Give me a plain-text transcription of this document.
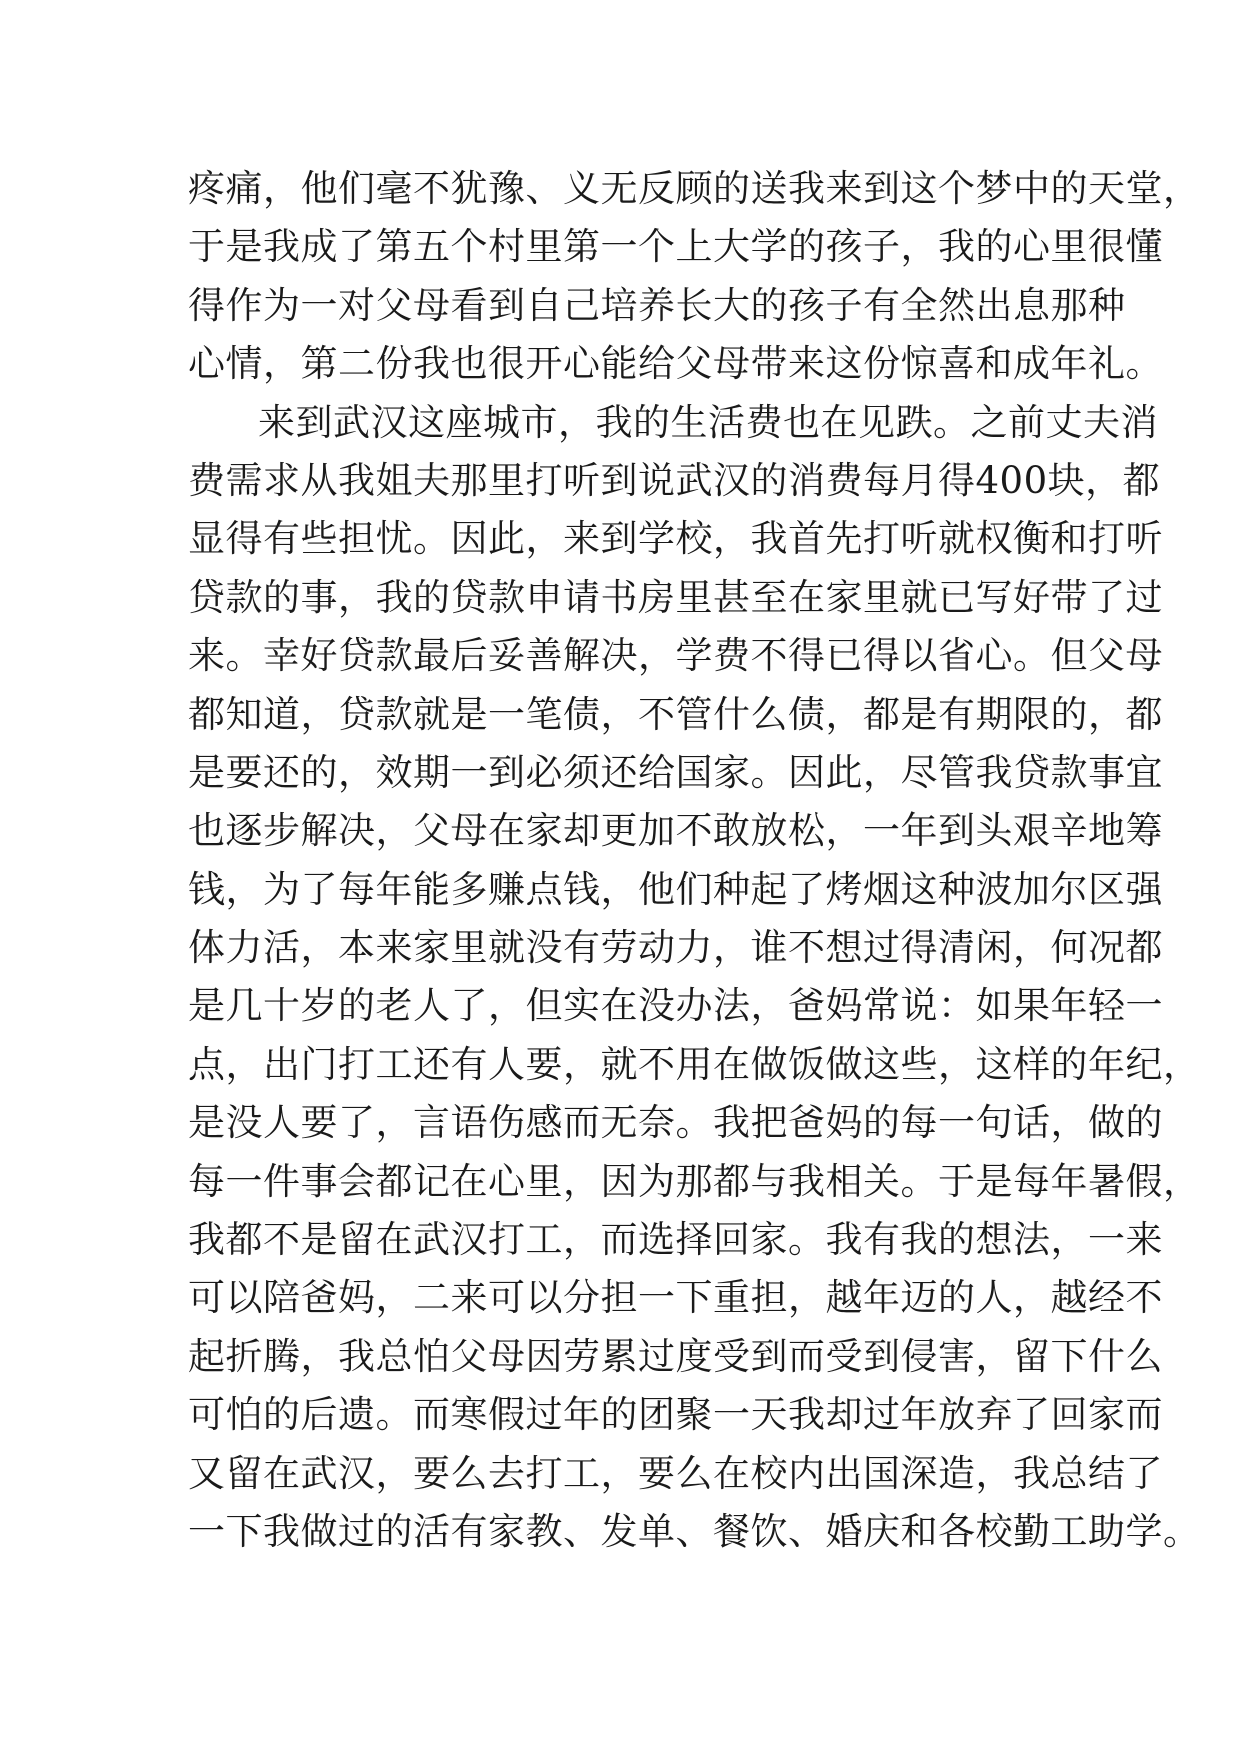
疼痛，他们毫不犹豫、义无反顾的送我来到这个梦中的天堂，
于是我成了第五个村里第一个上大学的孩子，我的心里很懂
得作为一对父母看到自己培养长大的孩子有全然出息那种
心情，第二份我也很开心能给父母带来这份惊喜和成年礼。
来到武汉这座城市，我的生活费也在见跌。之前丈夫消
费需求从我姐夫那里打听到说武汉的消费每月得400块，都
显得有些担忧。因此，来到学校，我首先打听就权衡和打听
贷款的事，我的贷款申请书房里甚至在家里就已写好带了过
来。幸好贷款最后妥善解决，学费不得已得以省心。但父母
都知道，贷款就是一笔债，不管什么债，都是有期限的，都
是要还的，效期一到必须还给国家。因此，尽管我贷款事宜
也逐步解决，父母在家却更加不敢放松，一年到头艰辛地筹
钱，为了每年能多赚点钱，他们种起了烤烟这种波加尔区强
体力活，本来家里就没有劳动力，谁不想过得清闲，何况都
是几十岁的老人了，但实在没办法，爸妈常说：如果年轻一
点，出门打工还有人要，就不用在做饭做这些，这样的年纪，
是没人要了，言语伤感而无奈。我把爸妈的每一句话，做的
每一件事会都记在心里，因为那都与我相关。于是每年暑假，
我都不是留在武汉打工，而选择回家。我有我的想法，一来
可以陪爸妈，二来可以分担一下重担，越年迈的人，越经不
起折腾，我总怕父母因劳累过度受到而受到侵害，留下什么
可怕的后遗。而寒假过年的团聚一天我却过年放弃了回家而
又留在武汉，要么去打工，要么在校内出国深造，我总结了
一下我做过的活有家教、发单、餐饮、婚庆和各校勤工助学。
